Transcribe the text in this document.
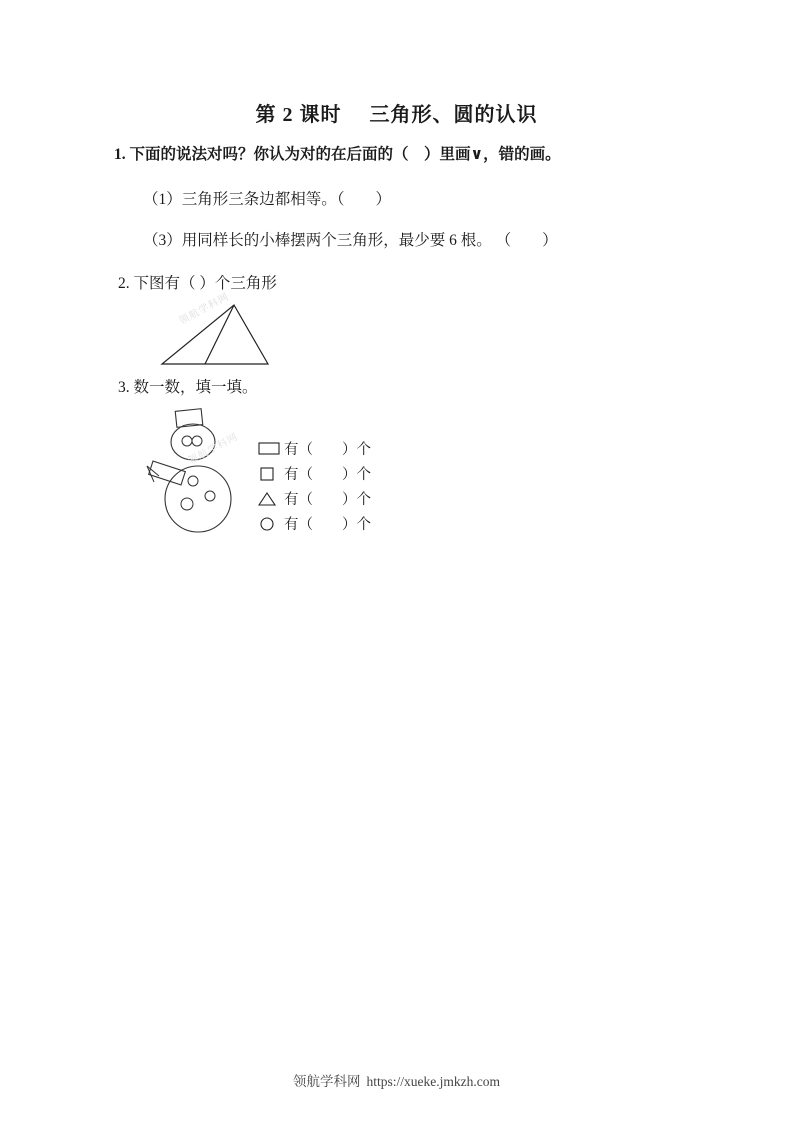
第 2 课时 三角形、圆的认识
1. 下面的说法对吗？你认为对的在后面的（　）里画∨，错的画。
（1）三角形三条边都相等。（　　）
（3）用同样长的小棒摆两个三角形，最少要 6 根。 （　　）
2. 下图有（ ）个三角形
领航学科网
3. 数一数，填一填。
领航学科网	有（　　）个
有（　　）个
有（　　）个
有（　　）个
领航学科网 https://xueke.jmkzh.com
